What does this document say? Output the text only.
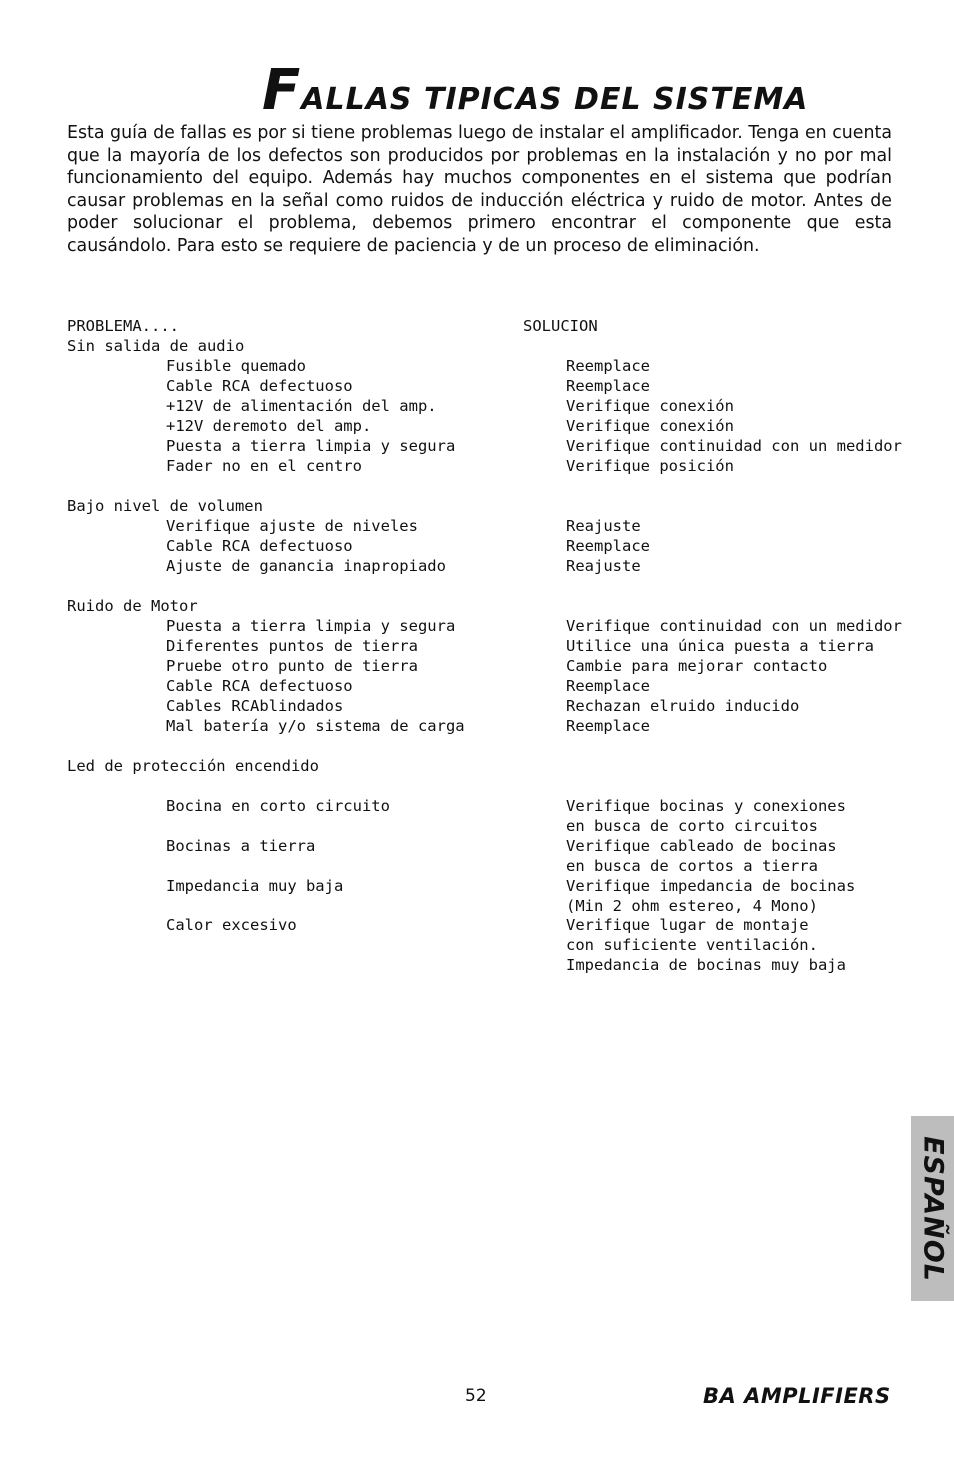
FALLAS TIPICAS DEL SISTEMA

Esta guía de fallas es por si tiene problemas luego de instalar el amplificador. Tenga en cuenta que la mayoría de los defectos son producidos por problemas en la instalación y no por mal funcionamiento del equipo. Además hay muchos componentes en el sistema que podrían causar problemas en la señal como ruidos de inducción eléctrica y ruido de motor. Antes de poder solucionar el problema, debemos primero encontrar el componente que esta causándolo. Para esto se requiere de paciencia y de un proceso de eliminación.

PROBLEMA....	SOLUCION
Sin salida de audio
Fusible quemado	Reemplace
Cable RCA defectuoso	Reemplace
+12V de alimentación del amp.	Verifique conexión
+12V deremoto del amp.	Verifique conexión
Puesta a tierra limpia y segura	Verifique continuidad con un medidor
Fader no en el centro	Verifique posición
Bajo nivel de volumen
Verifique ajuste de niveles	Reajuste
Cable RCA defectuoso	Reemplace
Ajuste de ganancia inapropiado	Reajuste
Ruido de Motor
Puesta a tierra limpia y segura	Verifique continuidad con un medidor
Diferentes puntos de tierra	Utilice una única puesta a tierra
Pruebe otro punto de tierra	Cambie para mejorar contacto
Cable RCA defectuoso	Reemplace
Cables RCAblindados	Rechazan elruido inducido
Mal batería y/o sistema de carga	Reemplace
Led de protección encendido
Bocina en corto circuito	Verifique bocinas y conexiones
en busca de corto circuitos
Bocinas a tierra	Verifique cableado de bocinas
en busca de cortos a tierra
Impedancia muy baja	Verifique impedancia de bocinas
(Min 2 ohm estereo, 4 Mono)
Calor excesivo	Verifique lugar de montaje
con suficiente ventilación.
Impedancia de bocinas muy baja
ESPAÑOL
52	BA AMPLIFIERS
